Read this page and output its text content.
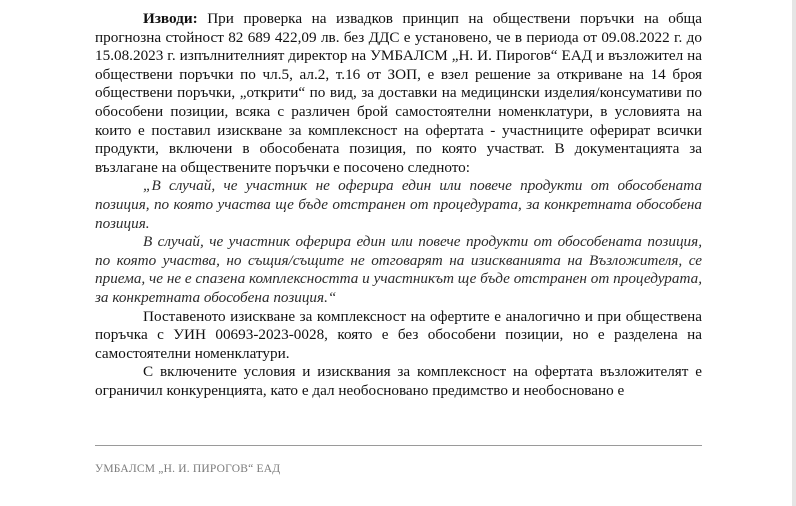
Изводи: При проверка на извадков принцип на обществени поръчки на обща прогнозна стойност 82 689 422,09 лв. без ДДС е установено, че в периода от 09.08.2022 г. до 15.08.2023 г. изпълнителният директор на УМБАЛСМ „Н. И. Пирогов“ ЕАД и възложител на обществени поръчки по чл.5, ал.2, т.16 от ЗОП, е взел решение за откриване на 14 броя обществени поръчки, „открити“ по вид, за доставки на медицински изделия/консумативи по обособени позиции, всяка с различен брой самостоятелни номенклатури, в условията на които е поставил изискване за комплексност на офертата - участниците оферират всички продукти, включени в обособената позиция, по която участват. В документацията за възлагане на обществените поръчки е посочено следното:

„В случай, че участник не оферира един или повече продукти от обособената позиция, по която участва ще бъде отстранен от процедурата, за конкретната обособена позиция.

В случай, че участник оферира един или повече продукти от обособената позиция, по която участва, но същия/същите не отговарят на изискванията на Възложителя, се приема, че не е спазена комплексността и участникът ще бъде отстранен от процедурата, за конкретната обособена позиция.“

Поставеното изискване за комплексност на офертите е аналогично и при обществена поръчка с УИН 00693-2023-0028, която е без обособени позиции, но е разделена на самостоятелни номенклатури.

С включените условия и изисквания за комплексност на офертата възложителят е ограничил конкуренцията, като е дал необосновано предимство и необосновано е

УМБАЛСМ „Н. И. ПИРОГОВ“ ЕАД
